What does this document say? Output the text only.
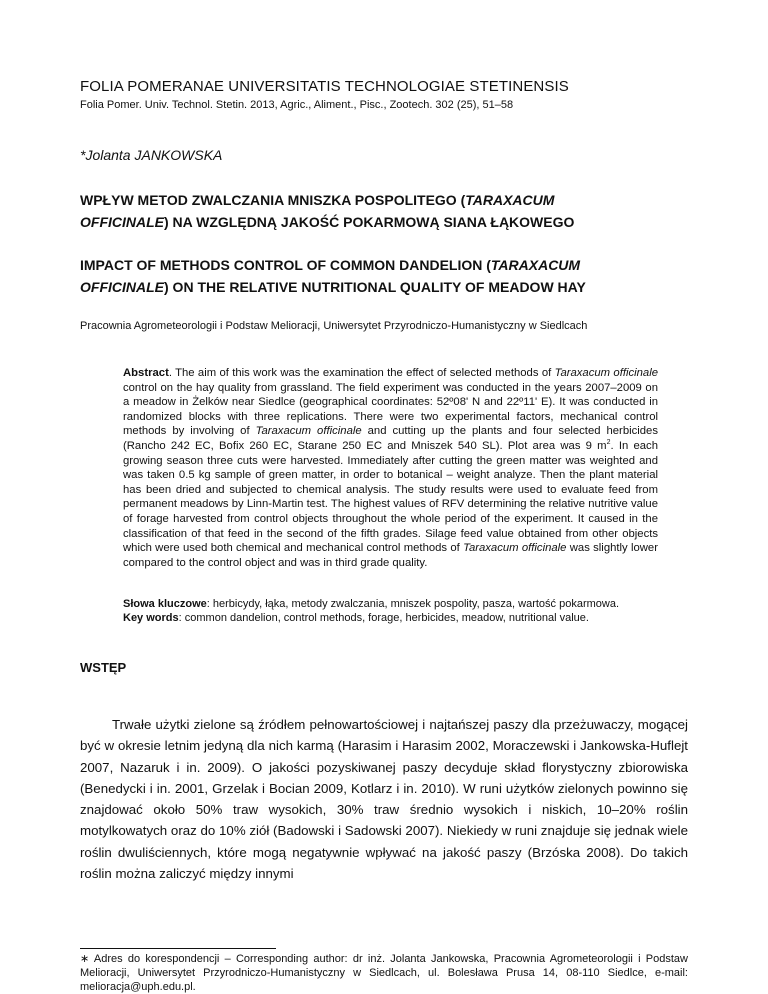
FOLIA POMERANAE UNIVERSITATIS TECHNOLOGIAE STETINENSIS
Folia Pomer. Univ. Technol. Stetin. 2013, Agric., Aliment., Pisc., Zootech. 302 (25), 51–58
*Jolanta JANKOWSKA
WPŁYW METOD ZWALCZANIA MNISZKA POSPOLITEGO (TARAXACUM
OFFICINALE) NA WZGLĘDNĄ JAKOŚĆ POKARMOWĄ SIANA ŁĄKOWEGO
IMPACT OF METHODS CONTROL OF COMMON DANDELION (TARAXACUM
OFFICINALE) ON THE RELATIVE NUTRITIONAL QUALITY OF MEADOW HAY
Pracownia Agrometeorologii i Podstaw Melioracji, Uniwersytet Przyrodniczo-Humanistyczny w Siedlcach
Abstract. The aim of this work was the examination the effect of selected methods of Taraxacum officinale control on the hay quality from grassland. The field experiment was conducted in the years 2007–2009 on a meadow in Żelków near Siedlce (geographical coordinates: 52º08' N and 22º11' E). It was conducted in randomized blocks with three replications. There were two experimental factors, mechanical control methods by involving of Taraxacum officinale and cutting up the plants and four selected herbicides (Rancho 242 EC, Bofix 260 EC, Starane 250 EC and Mniszek 540 SL). Plot area was 9 $m^2$. In each growing season three cuts were harvested. Immediately after cutting the green matter was weighted and was taken 0.5 kg sample of green matter, in order to botanical – weight analyze. Then the plant material has been dried and subjected to chemical analysis. The study results were used to evaluate feed from permanent meadows by Linn-Martin test. The highest values of RFV determining the relative nutritive value of forage harvested from control objects throughout the whole period of the experiment. It caused in the classification of that feed in the second of the fifth grades. Silage feed value obtained from other objects which were used both chemical and mechanical control methods of Taraxacum officinale was slightly lower compared to the control object and was in third grade quality.
Słowa kluczowe: herbicydy, łąka, metody zwalczania, mniszek pospolity, pasza, wartość pokarmowa.
Key words: common dandelion, control methods, forage, herbicides, meadow, nutritional value.
WSTĘP

Trwałe użytki zielone są źródłem pełnowartościowej i najtańszej paszy dla przeżuwaczy, mogącej być w okresie letnim jedyną dla nich karmą (Harasim i Harasim 2002, Moraczewski i Jankowska-Huflejt 2007, Nazaruk i in. 2009). O jakości pozyskiwanej paszy decyduje skład florystyczny zbiorowiska (Benedycki i in. 2001, Grzelak i Bocian 2009, Kotlarz i in. 2010). W runi użytków zielonych powinno się znajdować około 50% traw wysokich, 30% traw średnio wysokich i niskich, 10–20% roślin motylkowatych oraz do 10% ziół (Badowski i Sadowski 2007). Niekiedy w runi znajduje się jednak wiele roślin dwuliściennych, które mogą negatywnie wpływać na jakość paszy (Brzóska 2008). Do takich roślin można zaliczyć między innymi

∗ Adres do korespondencji – Corresponding author: dr inż. Jolanta Jankowska, Pracownia Agrometeorologii i Podstaw Melioracji, Uniwersytet Przyrodniczo-Humanistyczny w Siedlcach, ul. Bolesława Prusa 14, 08-110 Siedlce, e-mail: melioracja@uph.edu.pl.
